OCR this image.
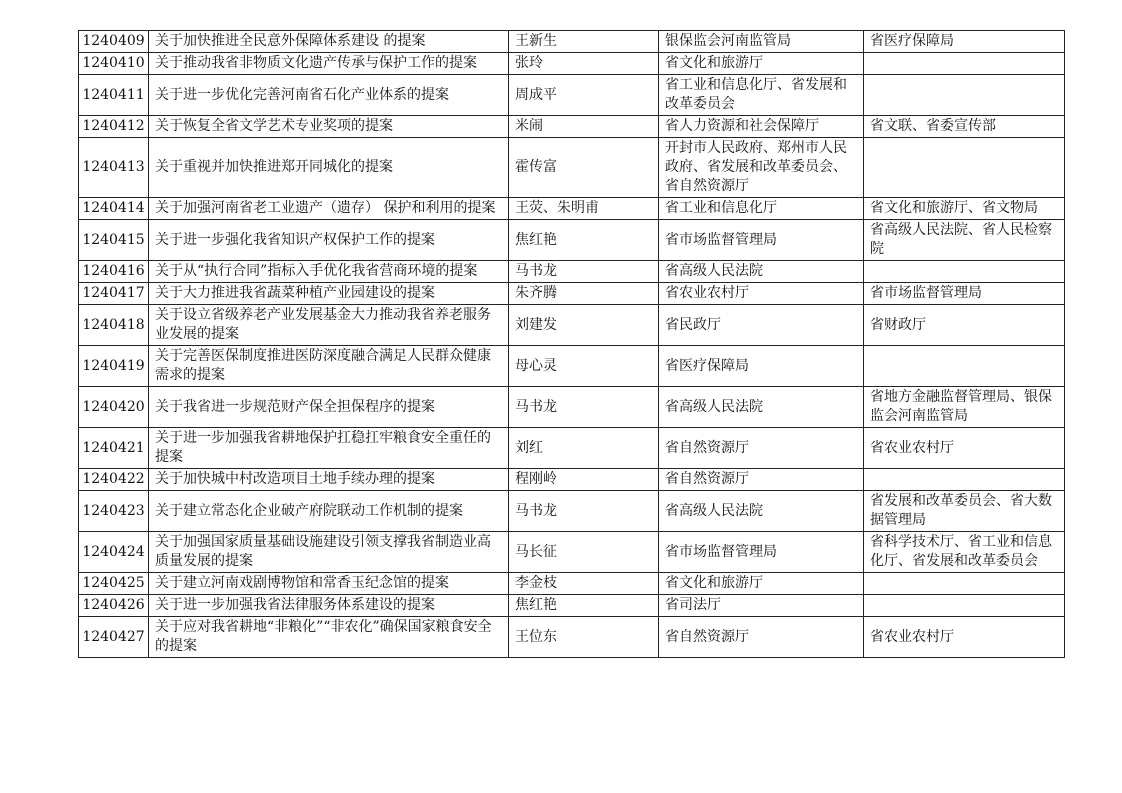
1240409	关于加快推进全民意外保障体系建设 的提案	王新生	银保监会河南监管局	省医疗保障局
1240410	关于推动我省非物质文化遗产传承与保护工作的提案	张玲	省文化和旅游厅	
1240411	关于进一步优化完善河南省石化产业体系的提案	周成平	省工业和信息化厅、省发展和改革委员会	
1240412	关于恢复全省文学艺术专业奖项的提案	米闹	省人力资源和社会保障厅	省文联、省委宣传部
1240413	关于重视并加快推进郑开同城化的提案	霍传富	开封市人民政府、郑州市人民政府、省发展和改革委员会、省自然资源厅	
1240414	关于加强河南省老工业遗产（遗存） 保护和利用的提案	王荧、朱明甫	省工业和信息化厅	省文化和旅游厅、省文物局
1240415	关于进一步强化我省知识产权保护工作的提案	焦红艳	省市场监督管理局	省高级人民法院、省人民检察院
1240416	关于从“执行合同”指标入手优化我省营商环境的提案	马书龙	省高级人民法院	
1240417	关于大力推进我省蔬菜种植产业园建设的提案	朱齐腾	省农业农村厅	省市场监督管理局
1240418	关于设立省级养老产业发展基金大力推动我省养老服务业发展的提案	刘建发	省民政厅	省财政厅
1240419	关于完善医保制度推进医防深度融合满足人民群众健康需求的提案	母心灵	省医疗保障局	
1240420	关于我省进一步规范财产保全担保程序的提案	马书龙	省高级人民法院	省地方金融监督管理局、银保监会河南监管局
1240421	关于进一步加强我省耕地保护扛稳扛牢粮食安全重任的提案	刘红	省自然资源厅	省农业农村厅
1240422	关于加快城中村改造项目土地手续办理的提案	程刚岭	省自然资源厅	
1240423	关于建立常态化企业破产府院联动工作机制的提案	马书龙	省高级人民法院	省发展和改革委员会、省大数据管理局
1240424	关于加强国家质量基础设施建设引领支撑我省制造业高质量发展的提案	马长征	省市场监督管理局	省科学技术厅、省工业和信息化厅、省发展和改革委员会
1240425	关于建立河南戏剧博物馆和常香玉纪念馆的提案	李金枝	省文化和旅游厅	
1240426	关于进一步加强我省法律服务体系建设的提案	焦红艳	省司法厅	
1240427	关于应对我省耕地“非粮化”“非农化”确保国家粮食安全的提案	王位东	省自然资源厅	省农业农村厅
